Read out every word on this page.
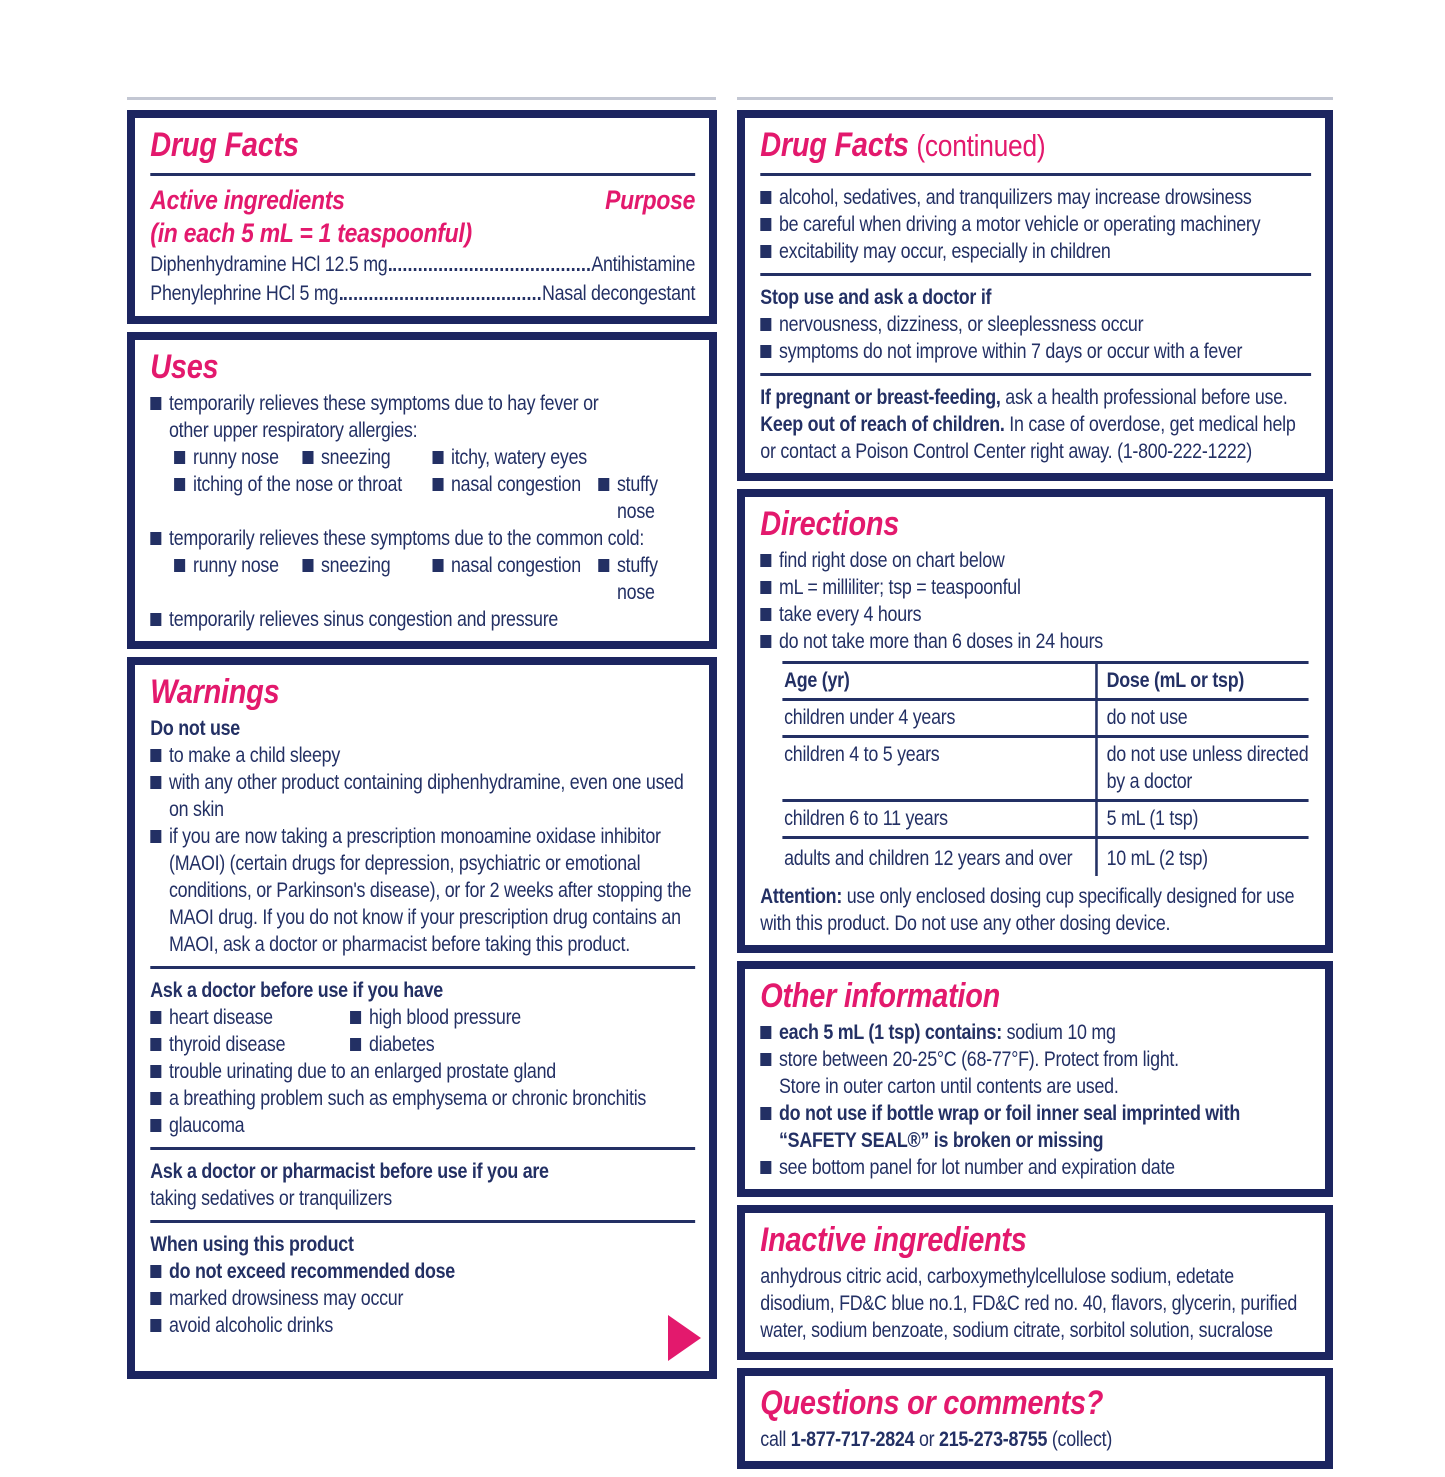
Drug Facts
Active ingredients	Purpose
(in each 5 mL = 1 teaspoonful)
Diphenhydramine HCl 12.5 mg	Antihistamine
Phenylephrine HCl 5 mg	Nasal decongestant
Uses
temporarily relieves these symptoms due to hay fever or
other upper respiratory allergies:
runny nose sneezing	itchy, watery eyes
itching of the nose or throat nasal congestion stuffy nose
temporarily relieves these symptoms due to the common cold:
runny nose sneezing	nasal congestion stuffy nose
temporarily relieves sinus congestion and pressure
Warnings
Do not use
to make a child sleepy
with any other product containing diphenhydramine, even one used on skin
if you are now taking a prescription monoamine oxidase inhibitor (MAOI) (certain drugs for depression, psychiatric or emotional conditions, or Parkinson's disease), or for 2 weeks after stopping the MAOI drug. If you do not know if your prescription drug contains an MAOI, ask a doctor or pharmacist before taking this product.
Ask a doctor before use if you have
heart disease	high blood pressure
thyroid disease	diabetes
trouble urinating due to an enlarged prostate gland
a breathing problem such as emphysema or chronic bronchitis
glaucoma
Ask a doctor or pharmacist before use if you are
taking sedatives or tranquilizers
When using this product
do not exceed recommended dose
marked drowsiness may occur
avoid alcoholic drinks
Drug Facts (continued)
alcohol, sedatives, and tranquilizers may increase drowsiness
be careful when driving a motor vehicle or operating machinery
excitability may occur, especially in children
Stop use and ask a doctor if
nervousness, dizziness, or sleeplessness occur
symptoms do not improve within 7 days or occur with a fever
If pregnant or breast-feeding, ask a health professional before use.
Keep out of reach of children. In case of overdose, get medical help
or contact a Poison Control Center right away. (1-800-222-1222)
Directions
find right dose on chart below
mL = milliliter; tsp = teaspoonful
take every 4 hours
do not take more than 6 doses in 24 hours
Age (yr)	Dose (mL or tsp)
children under 4 years	do not use
children 4 to 5 years	do not use unless directed by a doctor
children 6 to 11 years	5 mL (1 tsp)
adults and children 12 years and over	10 mL (2 tsp)
Attention: use only enclosed dosing cup specifically designed for use with this product. Do not use any other dosing device.
Other information
each 5 mL (1 tsp) contains: sodium 10 mg
store between 20-25°C (68-77°F). Protect from light.
Store in outer carton until contents are used.
do not use if bottle wrap or foil inner seal imprinted with
“SAFETY SEAL®” is broken or missing
see bottom panel for lot number and expiration date
Inactive ingredients
anhydrous citric acid, carboxymethylcellulose sodium, edetate disodium, FD&C blue no.1, FD&C red no. 40, flavors, glycerin, purified water, sodium benzoate, sodium citrate, sorbitol solution, sucralose
Questions or comments?
call 1-877-717-2824 or 215-273-8755 (collect)
